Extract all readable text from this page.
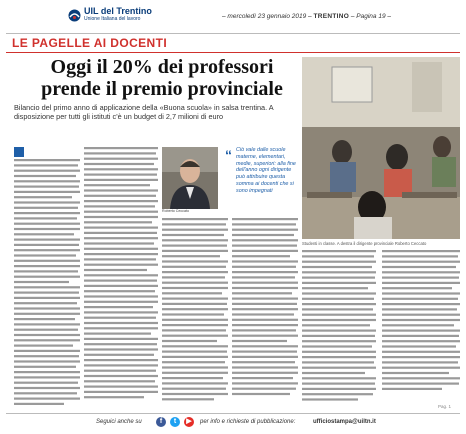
UIL del Trentino
Unione Italiana del lavoro	– mercoledì 23 gennaio 2019 – TRENTINO – Pagina 19 –
LE PAGELLE AI DOCENTI
Oggi il 20% dei professori prende il premio provinciale
Bilancio del primo anno di applicazione della «Buona scuola» in salsa trentina. A disposizione per tutti gli istituti c'è un budget di 2,7 milioni di euro
Studenti in classe. A destra il dirigente provinciale Roberto Ceccato
Roberto Ceccato
“ Ciò vale dalle scuole materne, elementari, medie, superiori: alla fine dell'anno ogni dirigente può attribuire questa somma ai docenti che si sono impegnati
Pag. 1
Seguici anche su	f	t	▶	per info e richieste di pubblicazione:	ufficiostampa@uiltn.it
